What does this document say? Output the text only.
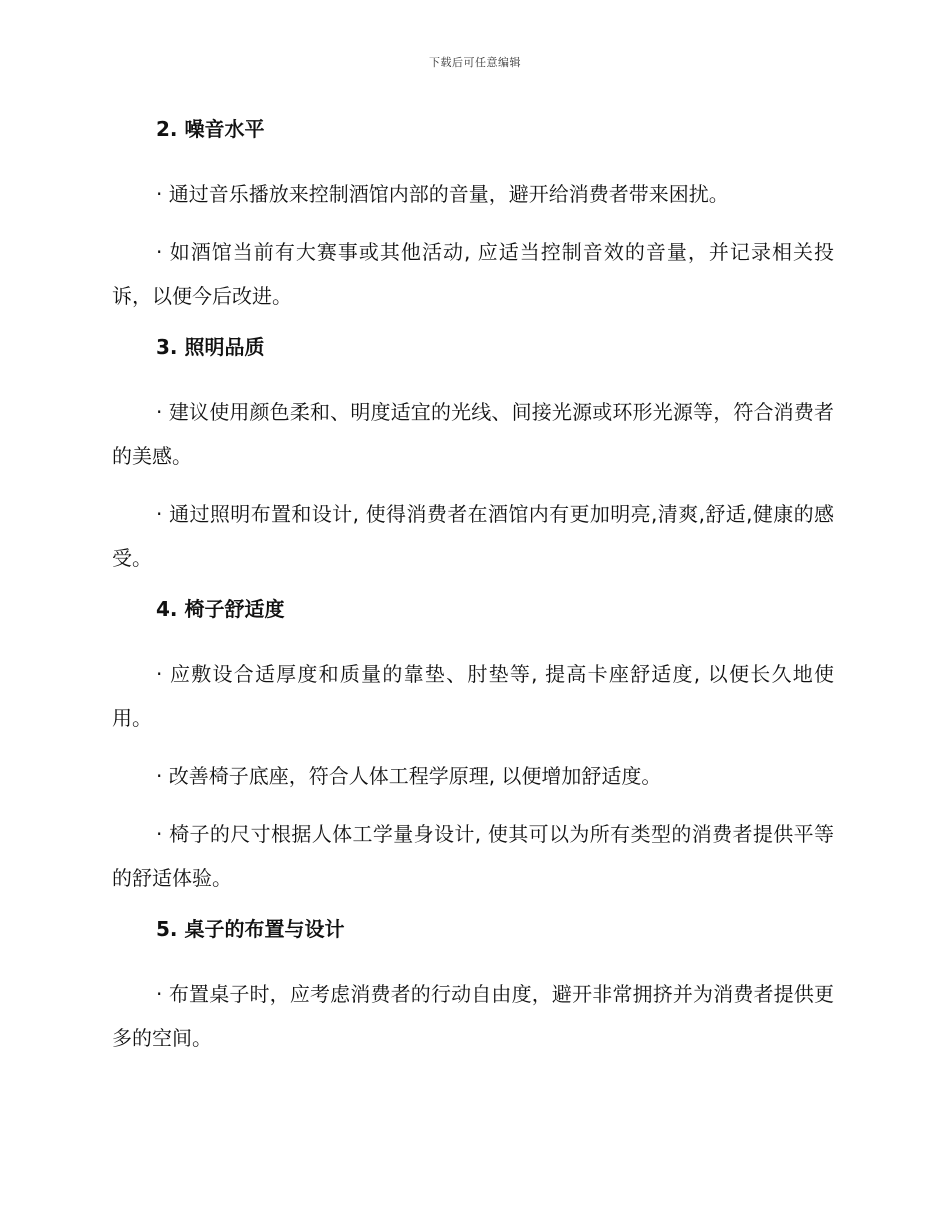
下载后可任意编辑
2. 噪音水平
· 通过音乐播放来控制酒馆内部的音量，避开给消费者带来困扰。
· 如酒馆当前有大赛事或其他活动, 应适当控制音效的音量，并记录相关投诉，以便今后改进。
3. 照明品质
· 建议使用颜色柔和、明度适宜的光线、间接光源或环形光源等，符合消费者的美感。
· 通过照明布置和设计, 使得消费者在酒馆内有更加明亮,清爽,舒适,健康的感受。
4. 椅子舒适度
· 应敷设合适厚度和质量的靠垫、肘垫等, 提高卡座舒适度, 以便长久地使用。
· 改善椅子底座，符合人体工程学原理, 以便增加舒适度。
· 椅子的尺寸根据人体工学量身设计, 使其可以为所有类型的消费者提供平等的舒适体验。
5. 桌子的布置与设计
· 布置桌子时，应考虑消费者的行动自由度，避开非常拥挤并为消费者提供更多的空间。
